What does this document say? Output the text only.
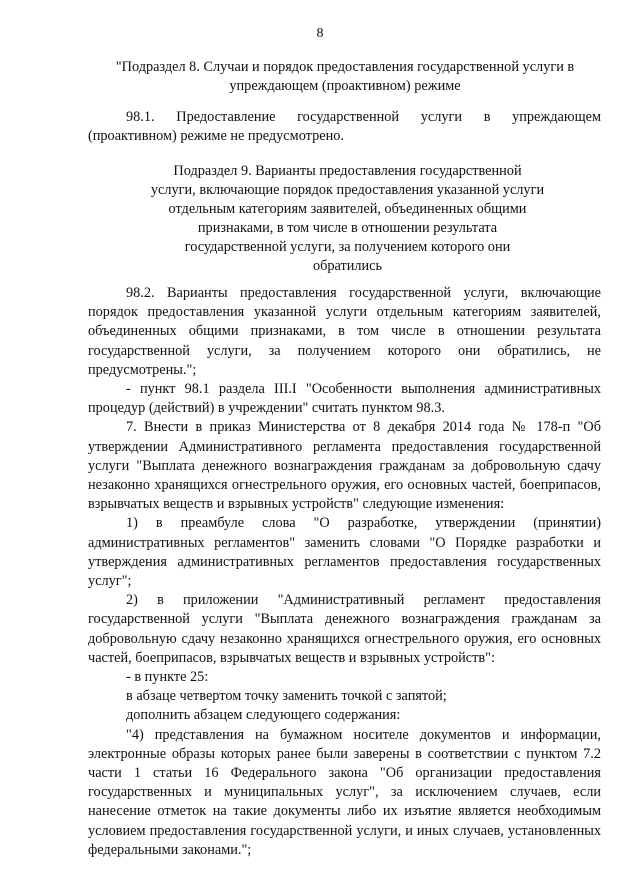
8
"Подраздел 8. Случаи и порядок предоставления государственной услуги в упреждающем (проактивном) режиме

98.1. Предоставление государственной услуги в упреждающем (проактивном) режиме не предусмотрено.

Подраздел 9. Варианты предоставления государственной услуги, включающие порядок предоставления указанной услуги отдельным категориям заявителей, объединенных общими признаками, в том числе в отношении результата государственной услуги, за получением которого они обратились

98.2. Варианты предоставления государственной услуги, включающие порядок предоставления указанной услуги отдельным категориям заявителей, объединенных общими признаками, в том числе в отношении результата государственной услуги, за получением которого они обратились, не предусмотрены.";

- пункт 98.1 раздела III.I "Особенности выполнения административных процедур (действий) в учреждении" считать пунктом 98.3.

7. Внести в приказ Министерства от 8 декабря 2014 года № 178-п "Об утверждении Административного регламента предоставления государственной услуги "Выплата денежного вознаграждения гражданам за добровольную сдачу незаконно хранящихся огнестрельного оружия, его основных частей, боеприпасов, взрывчатых веществ и взрывных устройств" следующие изменения:

1) в преамбуле слова "О разработке, утверждении (принятии) административных регламентов" заменить словами "О Порядке разработки и утверждения административных регламентов предоставления государственных услуг";

2) в приложении "Административный регламент предоставления государственной услуги "Выплата денежного вознаграждения гражданам за добровольную сдачу незаконно хранящихся огнестрельного оружия, его основных частей, боеприпасов, взрывчатых веществ и взрывных устройств":

- в пункте 25:

в абзаце четвертом точку заменить точкой с запятой;

дополнить абзацем следующего содержания:

"4) представления на бумажном носителе документов и информации, электронные образы которых ранее были заверены в соответствии с пунктом 7.2 части 1 статьи 16 Федерального закона "Об организации предоставления государственных и муниципальных услуг", за исключением случаев, если нанесение отметок на такие документы либо их изъятие является необходимым условием предоставления государственной услуги, и иных случаев, установленных федеральными законами.";
